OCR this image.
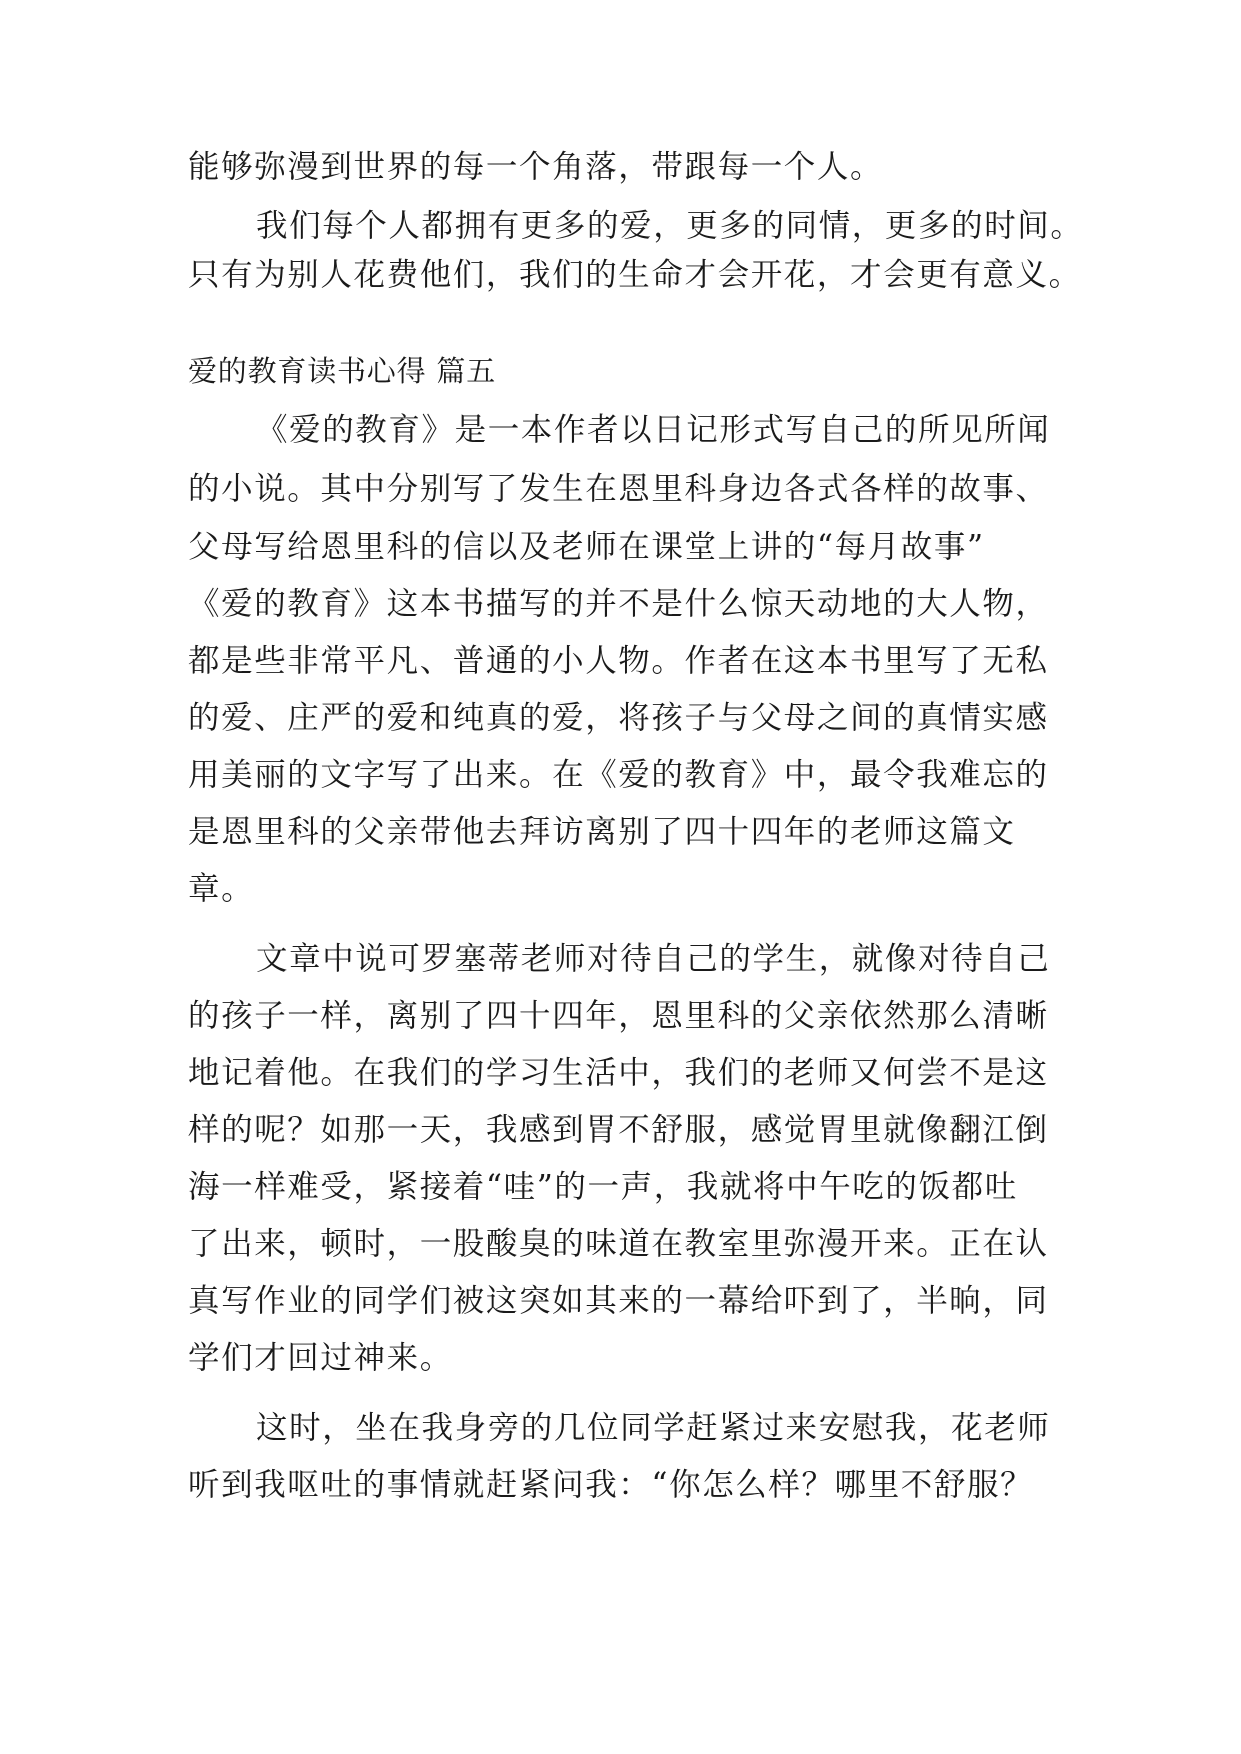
能够弥漫到世界的每一个角落，带跟每一个人。
我们每个人都拥有更多的爱，更多的同情，更多的时间。
只有为别人花费他们，我们的生命才会开花，才会更有意义。
爱的教育读书心得 篇五
《爱的教育》是一本作者以日记形式写自己的所见所闻
的小说。其中分别写了发生在恩里科身边各式各样的故事、
父母写给恩里科的信以及老师在课堂上讲的“每月故事”
《爱的教育》这本书描写的并不是什么惊天动地的大人物，
都是些非常平凡、普通的小人物。作者在这本书里写了无私
的爱、庄严的爱和纯真的爱，将孩子与父母之间的真情实感
用美丽的文字写了出来。在《爱的教育》中，最令我难忘的
是恩里科的父亲带他去拜访离别了四十四年的老师这篇文
章。
文章中说可罗塞蒂老师对待自己的学生，就像对待自己
的孩子一样，离别了四十四年，恩里科的父亲依然那么清晰
地记着他。在我们的学习生活中，我们的老师又何尝不是这
样的呢？如那一天，我感到胃不舒服，感觉胃里就像翻江倒
海一样难受，紧接着“哇”的一声，我就将中午吃的饭都吐
了出来，顿时，一股酸臭的味道在教室里弥漫开来。正在认
真写作业的同学们被这突如其来的一幕给吓到了，半晌，同
学们才回过神来。
这时，坐在我身旁的几位同学赶紧过来安慰我，花老师
听到我呕吐的事情就赶紧问我：“你怎么样？哪里不舒服？
